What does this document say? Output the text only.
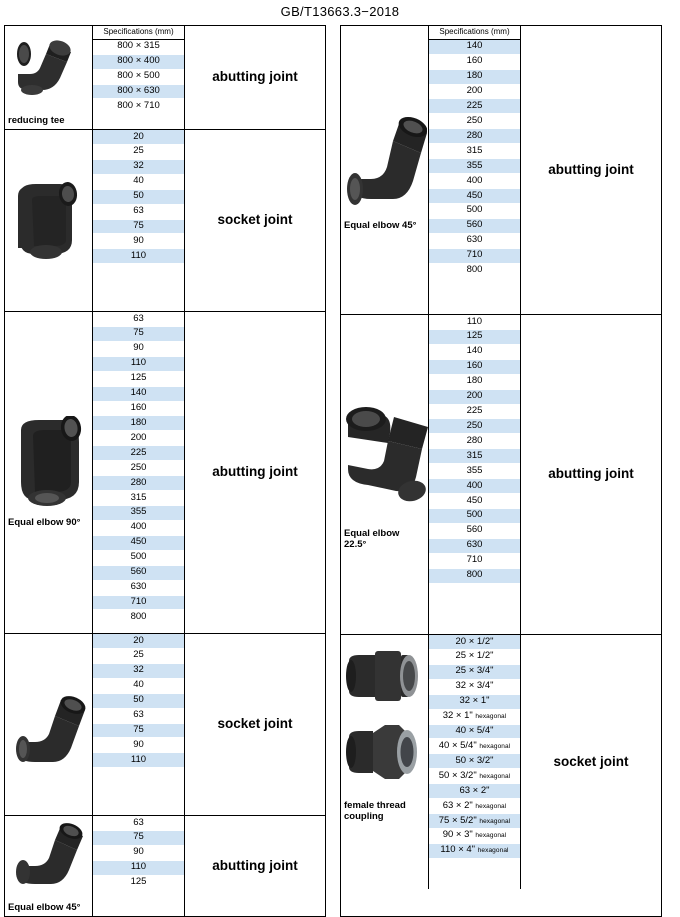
GB/T13663.3−2018
reducing tee
Specifications (mm)
800 × 315
800 × 400
800 × 500
800 × 630
800 × 710
abutting joint
20
25
32
40
50
63
75
90
110
socket joint
Equal elbow 90°
63
75
90
110
125
140
160
180
200
225
250
280
315
355
400
450
500
560
630
710
800
abutting joint
20
25
32
40
50
63
75
90
110
socket joint
Equal elbow 45°
63
75
90
110
125
abutting joint
Equal elbow 45°
Specifications (mm)
140
160
180
200
225
250
280
315
355
400
450
500
560
630
710
800
abutting joint
Equal elbow
22.5°
110
125
140
160
180
200
225
250
280
315
355
400
450
500
560
630
710
800
abutting joint
female thread
coupling
20 × 1/2"
25 × 1/2"
25 × 3/4"
32 × 3/4"
32 × 1"
32 × 1" hexagonal
40 × 5/4"
40 × 5/4" hexagonal
50 × 3/2"
50 × 3/2" hexagonal
63 × 2"
63 × 2" hexagonal
75 × 5/2" hexagonal
90 × 3" hexagonal
110 × 4" hexagonal
socket joint
